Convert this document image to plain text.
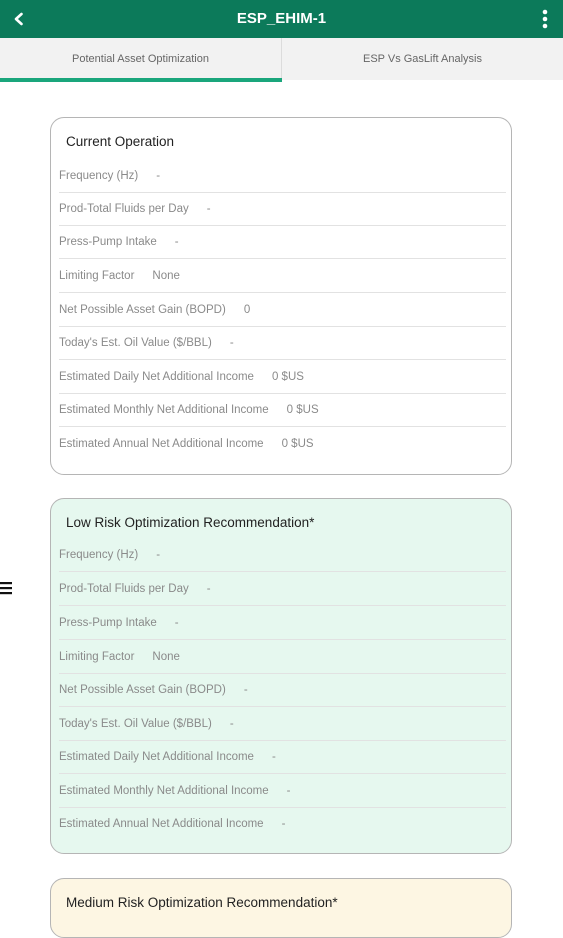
ESP_EHIM-1
Potential Asset Optimization	ESP Vs GasLift Analysis
Current Operation
Frequency (Hz) -
Prod-Total Fluids per Day -
Press-Pump Intake -
Limiting Factor None
Net Possible Asset Gain (BOPD) 0
Today's Est. Oil Value ($/BBL) -
Estimated Daily Net Additional Income 0 $US
Estimated Monthly Net Additional Income 0 $US
Estimated Annual Net Additional Income 0 $US
Low Risk Optimization Recommendation*
Frequency (Hz) -
Prod-Total Fluids per Day -
Press-Pump Intake -
Limiting Factor None
Net Possible Asset Gain (BOPD) -
Today's Est. Oil Value ($/BBL) -
Estimated Daily Net Additional Income -
Estimated Monthly Net Additional Income -
Estimated Annual Net Additional Income -
Medium Risk Optimization Recommendation*
